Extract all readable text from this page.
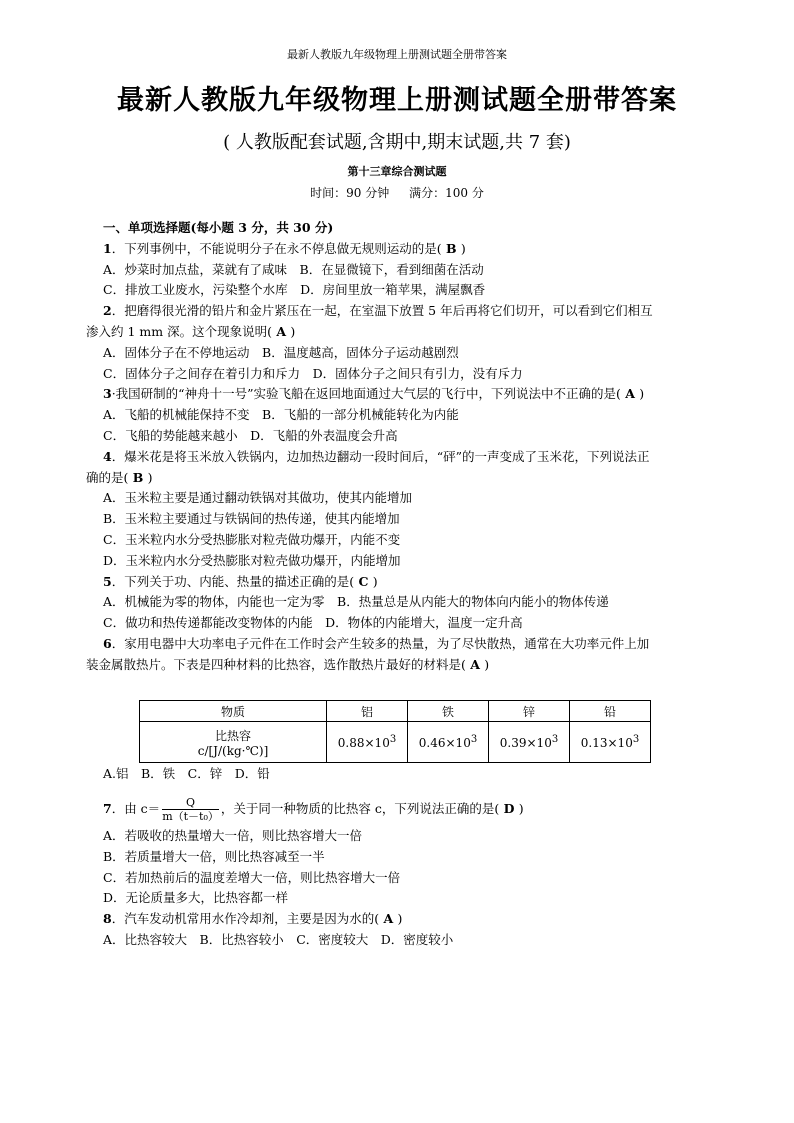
最新人教版九年级物理上册测试题全册带答案
最新人教版九年级物理上册测试题全册带答案
( 人教版配套试题,含期中,期末试题,共 7 套)
第十三章综合测试题
时间：90 分钟 满分：100 分
一、单项选择题(每小题 3 分，共 30 分)
1．下列事例中，不能说明分子在永不停息做无规则运动的是( B )
A．炒菜时加点盐，菜就有了咸味　 B．在显微镜下，看到细菌在活动
C．排放工业废水，污染整个水库　 D．房间里放一箱苹果，满屋飘香
2．把磨得很光滑的铅片和金片紧压在一起，在室温下放置 5 年后再将它们切开，可以看到它们相互
渗入约 1 mm 深。这个现象说明( A )
A．固体分子在不停地运动　 B．温度越高，固体分子运动越剧烈
C．固体分子之间存在着引力和斥力　 D．固体分子之间只有引力，没有斥力
3·我国研制的“神舟十一号”实验飞船在返回地面通过大气层的飞行中，下列说法中不正确的是( A )
A．飞船的机械能保持不变　 B．飞船的一部分机械能转化为内能
C．飞船的势能越来越小　 D．飞船的外表温度会升高
4．爆米花是将玉米放入铁锅内，边加热边翻动一段时间后，“砰”的一声变成了玉米花，下列说法正
确的是( B )
A．玉米粒主要是通过翻动铁锅对其做功，使其内能增加
B．玉米粒主要通过与铁锅间的热传递，使其内能增加
C．玉米粒内水分受热膨胀对粒壳做功爆开，内能不变
D．玉米粒内水分受热膨胀对粒壳做功爆开，内能增加
5．下列关于功、内能、热量的描述正确的是( C )
A．机械能为零的物体，内能也一定为零　 B．热量总是从内能大的物体向内能小的物体传递
C．做功和热传递都能改变物体的内能　 D．物体的内能增大，温度一定升高
6．家用电器中大功率电子元件在工作时会产生较多的热量，为了尽快散热，通常在大功率元件上加
装金属散热片。下表是四种材料的比热容，选作散热片最好的材料是( A )
物质	铝	铁	锌	铅

比热容
c/[J/(kg·℃)]	$0.88\times 10^3$	$0.46\times 10^3$	$0.39\times 10^3$	$0.13\times 10^3$
A.铝　B．铁　C．锌　D．铅
7．由 $c= \frac{Q}{\text{m（t－t₀）}}$ ，关于同一种物质的比热容 c，下列说法正确的是( D )
A．若吸收的热量增大一倍，则比热容增大一倍
B．若质量增大一倍，则比热容减至一半
C．若加热前后的温度差增大一倍，则比热容增大一倍
D．无论质量多大，比热容都一样
8．汽车发动机常用水作冷却剂，主要是因为水的( A )
A．比热容较大　B．比热容较小　C．密度较大　D．密度较小
